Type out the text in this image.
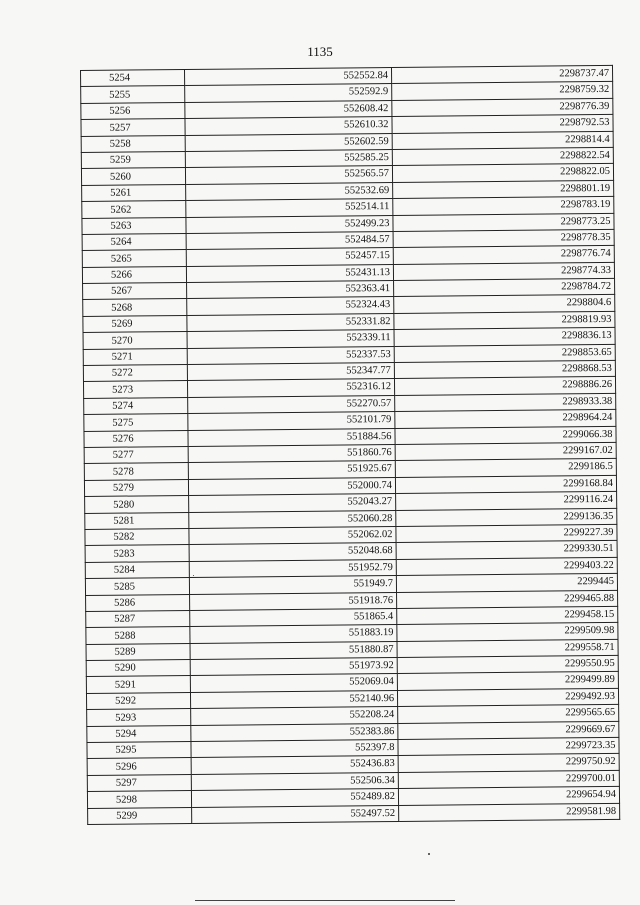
1135
5254	552552.84	2298737.47
5255	552592.9	2298759.32
5256	552608.42	2298776.39
5257	552610.32	2298792.53
5258	552602.59	2298814.4
5259	552585.25	2298822.54
5260	552565.57	2298822.05
5261	552532.69	2298801.19
5262	552514.11	2298783.19
5263	552499.23	2298773.25
5264	552484.57	2298778.35
5265	552457.15	2298776.74
5266	552431.13	2298774.33
5267	552363.41	2298784.72
5268	552324.43	2298804.6
5269	552331.82	2298819.93
5270	552339.11	2298836.13
5271	552337.53	2298853.65
5272	552347.77	2298868.53
5273	552316.12	2298886.26
5274	552270.57	2298933.38
5275	552101.79	2298964.24
5276	551884.56	2299066.38
5277	551860.76	2299167.02
5278	551925.67	2299186.5
5279	552000.74	2299168.84
5280	552043.27	2299116.24
5281	552060.28	2299136.35
5282	552062.02	2299227.39
5283	552048.68	2299330.51
5284	551952.79	2299403.22
5285	551949.7	2299445
5286	551918.76	2299465.88
5287	551865.4	2299458.15
5288	551883.19	2299509.98
5289	551880.87	2299558.71
5290	551973.92	2299550.95
5291	552069.04	2299499.89
5292	552140.96	2299492.93
5293	552208.24	2299565.65
5294	552383.86	2299669.67
5295	552397.8	2299723.35
5296	552436.83	2299750.92
5297	552506.34	2299700.01
5298	552489.82	2299654.94
5299	552497.52	2299581.98
